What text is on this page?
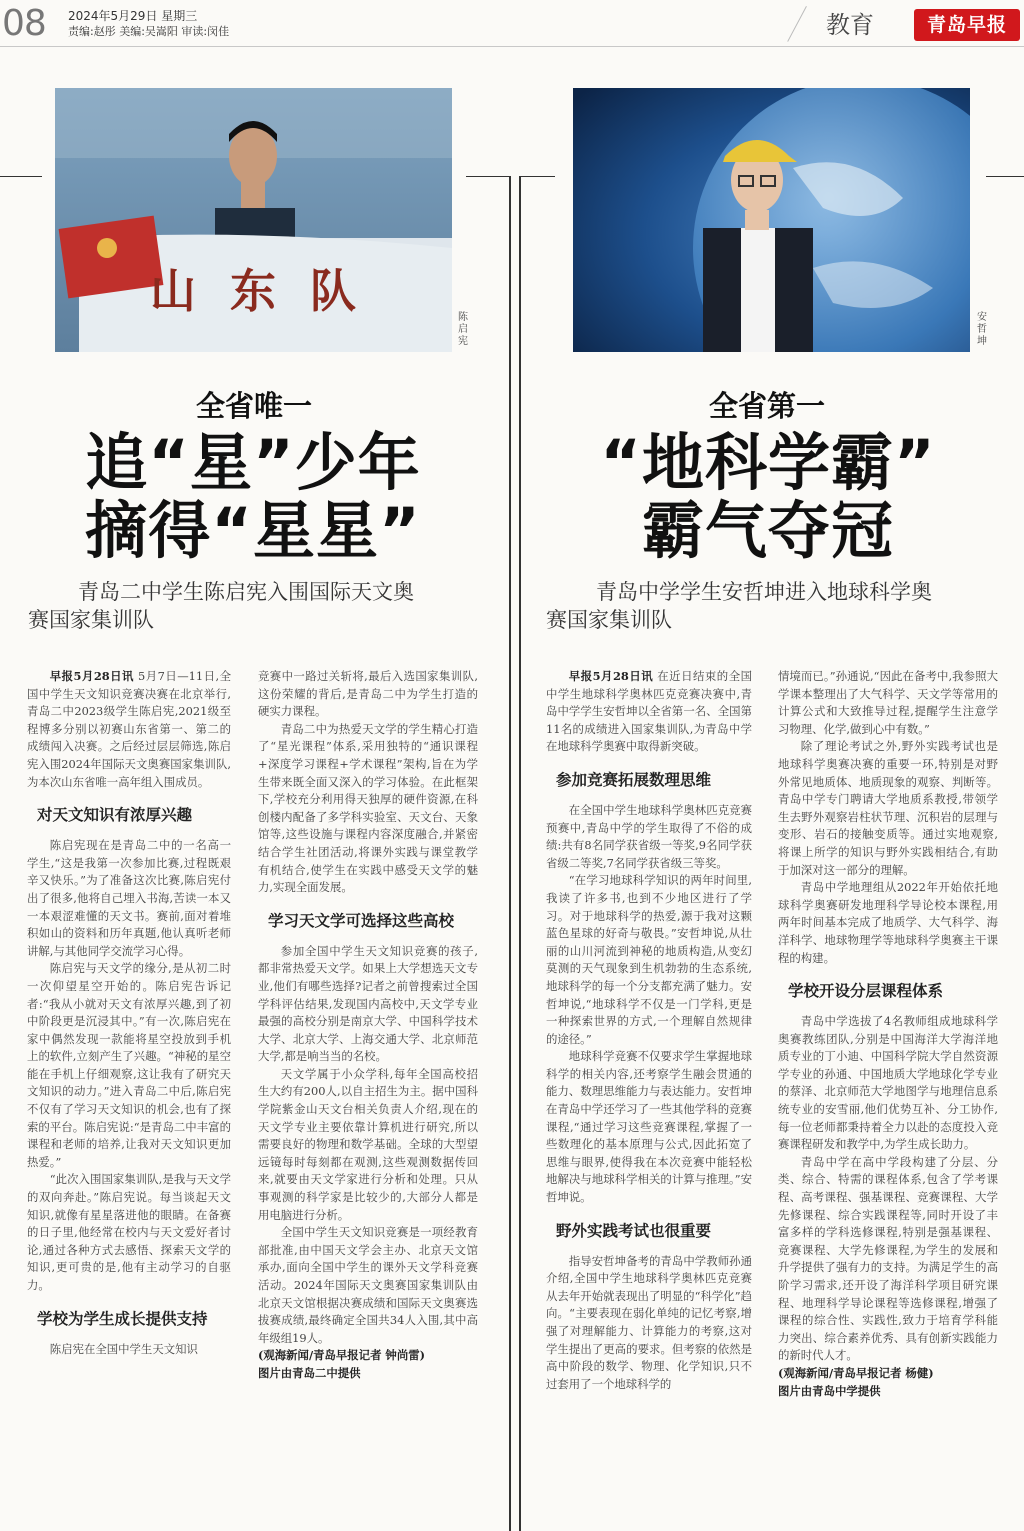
08 2024年5月29日 星期三
责编:赵彤 美编:吴嵩阳 审读:闵佳	教育	青岛早报
山东队	陈启宪
安哲坤
全省唯一
追“星”少年
摘得“星星”
青岛二中学生陈启宪入围国际天文奥
赛国家集训队
全省第一
“地科学霸”
霸气夺冠
青岛中学学生安哲坤进入地球科学奥
赛国家集训队

早报5月28日讯 5月7日—11日,全国中学生天文知识竞赛决赛在北京举行,青岛二中2023级学生陈启宪,2021级至程博多分别以初赛山东省第一、第二的成绩闯入决赛。之后经过层层筛选,陈启宪入围2024年国际天文奥赛国家集训队,为本次山东省唯一高年组入围成员。

对天文知识有浓厚兴趣

陈启宪现在是青岛二中的一名高一学生,“这是我第一次参加比赛,过程既艰辛又快乐。”为了准备这次比赛,陈启宪付出了很多,他将自己埋入书海,苦读一本又一本艰涩难懂的天文书。赛前,面对着堆积如山的资料和历年真题,他认真听老师讲解,与其他同学交流学习心得。

陈启宪与天文学的缘分,是从初二时一次仰望星空开始的。陈启宪告诉记者:“我从小就对天文有浓厚兴趣,到了初中阶段更是沉浸其中。”有一次,陈启宪在家中偶然发现一款能将星空投放到手机上的软件,立刻产生了兴趣。“神秘的星空能在手机上仔细观察,这让我有了研究天文知识的动力。”进入青岛二中后,陈启宪不仅有了学习天文知识的机会,也有了探索的平台。陈启宪说:“是青岛二中丰富的课程和老师的培养,让我对天文知识更加热爱。”

“此次入围国家集训队,是我与天文学的双向奔赴。”陈启宪说。每当谈起天文知识,就像有星星落进他的眼睛。在备赛的日子里,他经常在校内与天文爱好者讨论,通过各种方式去感悟、探索天文学的知识,更可贵的是,他有主动学习的自驱力。

学校为学生成长提供支持

陈启宪在全国中学生天文知识

竞赛中一路过关斩将,最后入选国家集训队,这份荣耀的背后,是青岛二中为学生打造的硬实力课程。

青岛二中为热爱天文学的学生精心打造了“星光课程”体系,采用独特的“通识课程+深度学习课程+学术课程”架构,旨在为学生带来既全面又深入的学习体验。在此框架下,学校充分利用得天独厚的硬件资源,在科创楼内配备了多学科实验室、天文台、天象馆等,这些设施与课程内容深度融合,并紧密结合学生社团活动,将课外实践与课堂教学有机结合,使学生在实践中感受天文学的魅力,实现全面发展。

学习天文学可选择这些高校

参加全国中学生天文知识竞赛的孩子,都非常热爱天文学。如果上大学想选天文专业,他们有哪些选择?记者之前曾搜索过全国学科评估结果,发现国内高校中,天文学专业最强的高校分别是南京大学、中国科学技术大学、北京大学、上海交通大学、北京师范大学,都是响当当的名校。

天文学属于小众学科,每年全国高校招生大约有200人,以自主招生为主。据中国科学院紫金山天文台相关负责人介绍,现在的天文学专业主要依靠计算机进行研究,所以需要良好的物理和数学基础。全球的大型望远镜每时每刻都在观测,这些观测数据传回来,就要由天文学家进行分析和处理。只从事观测的科学家是比较少的,大部分人都是用电脑进行分析。

全国中学生天文知识竞赛是一项经教育部批准,由中国天文学会主办、北京天文馆承办,面向全国中学生的课外天文学科竞赛活动。2024年国际天文奥赛国家集训队由北京天文馆根据决赛成绩和国际天文奥赛选拔赛成绩,最终确定全国共34人入围,其中高年级组19人。

(观海新闻/青岛早报记者 钟尚雷)

图片由青岛二中提供

早报5月28日讯 在近日结束的全国中学生地球科学奥林匹克竞赛决赛中,青岛中学学生安哲坤以全省第一名、全国第11名的成绩进入国家集训队,为青岛中学在地球科学奥赛中取得新突破。

参加竞赛拓展数理思维

在全国中学生地球科学奥林匹克竞赛预赛中,青岛中学的学生取得了不俗的成绩:共有8名同学获省级一等奖,9名同学获省级二等奖,7名同学获省级三等奖。

“在学习地球科学知识的两年时间里,我读了许多书,也到不少地区进行了学习。对于地球科学的热爱,源于我对这颗蓝色星球的好奇与敬畏。”安哲坤说,从壮丽的山川河流到神秘的地质构造,从变幻莫测的天气现象到生机勃勃的生态系统,地球科学的每一个分支都充满了魅力。安哲坤说,“地球科学不仅是一门学科,更是一种探索世界的方式,一个理解自然规律的途径。”

地球科学竞赛不仅要求学生掌握地球科学的相关内容,还考察学生融会贯通的能力、数理思维能力与表达能力。安哲坤在青岛中学还学习了一些其他学科的竞赛课程,“通过学习这些竞赛课程,掌握了一些数理化的基本原理与公式,因此拓宽了思维与眼界,使得我在本次竞赛中能轻松地解决与地球科学相关的计算与推理。”安哲坤说。

野外实践考试也很重要

指导安哲坤备考的青岛中学教师孙通介绍,全国中学生地球科学奥林匹克竞赛从去年开始就表现出了明显的“科学化”趋向。“主要表现在弱化单纯的记忆考察,增强了对理解能力、计算能力的考察,这对学生提出了更高的要求。但考察的依然是高中阶段的数学、物理、化学知识,只不过套用了一个地球科学的

情境而已。”孙通说,“因此在备考中,我参照大学课本整理出了大气科学、天文学等常用的计算公式和大致推导过程,提醒学生注意学习物理、化学,做到心中有数。”

除了理论考试之外,野外实践考试也是地球科学奥赛决赛的重要一环,特别是对野外常见地质体、地质现象的观察、判断等。青岛中学专门聘请大学地质系教授,带领学生去野外观察岩柱状节理、沉积岩的层理与变形、岩石的接触变质等。通过实地观察,将课上所学的知识与野外实践相结合,有助于加深对这一部分的理解。

青岛中学地理组从2022年开始依托地球科学奥赛研发地理科学导论校本课程,用两年时间基本完成了地质学、大气科学、海洋科学、地球物理学等地球科学奥赛主干课程的构建。

学校开设分层课程体系

青岛中学选拔了4名教师组成地球科学奥赛教练团队,分别是中国海洋大学海洋地质专业的丁小迪、中国科学院大学自然资源学专业的孙通、中国地质大学地球化学专业的蔡泽、北京师范大学地图学与地理信息系统专业的安雪丽,他们优势互补、分工协作,每一位老师都秉持着全力以赴的态度投入竞赛课程研发和教学中,为学生成长助力。

青岛中学在高中学段构建了分层、分类、综合、特需的课程体系,包含了学考课程、高考课程、强基课程、竞赛课程、大学先修课程、综合实践课程等,同时开设了丰富多样的学科选修课程,特别是强基课程、竞赛课程、大学先修课程,为学生的发展和升学提供了强有力的支持。为满足学生的高阶学习需求,还开设了海洋科学项目研究课程、地理科学导论课程等选修课程,增强了课程的综合性、实践性,致力于培育学科能力突出、综合素养优秀、具有创新实践能力的新时代人才。

(观海新闻/青岛早报记者 杨健)

图片由青岛中学提供
